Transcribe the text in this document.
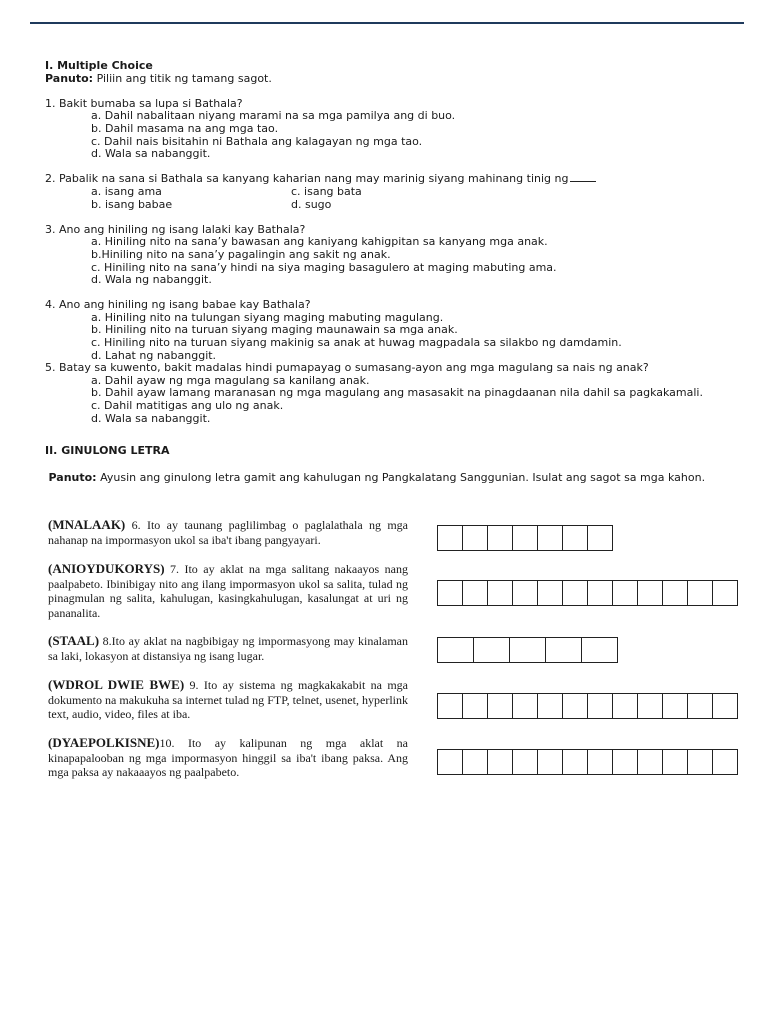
I. Multiple Choice

Panuto: Piliin ang titik ng tamang sagot.

1. Bakit bumaba sa lupa si Bathala?

a. Dahil nabalitaan niyang marami na sa mga pamilya ang di buo.

b. Dahil masama na ang mga tao.

c. Dahil nais bisitahin ni Bathala ang kalagayan ng mga tao.

d. Wala sa nabanggit.

2. Pabalik na sana si Bathala sa kanyang kaharian nang may marinig siyang mahinang tinig ng

a. isang ama	c. isang bata

b. isang babae	d. sugo

3. Ano ang hiniling ng isang lalaki kay Bathala?

a. Hiniling nito na sana’y bawasan ang kaniyang kahigpitan sa kanyang mga anak.

b.Hiniling nito na sana’y pagalingin ang sakit ng anak.

c. Hiniling nito na sana’y hindi na siya maging basagulero at maging mabuting ama.

d. Wala ng nabanggit.

4. Ano ang hiniling ng isang babae kay Bathala?

a. Hiniling nito na tulungan siyang maging mabuting magulang.

b. Hiniling nito na turuan siyang maging maunawain sa mga anak.

c. Hiniling nito na turuan siyang makinig sa anak at huwag magpadala sa silakbo ng damdamin.

d. Lahat ng nabanggit.

5. Batay sa kuwento, bakit madalas hindi pumapayag o sumasang-ayon ang mga magulang sa nais ng anak?

a. Dahil ayaw ng mga magulang sa kanilang anak.

b. Dahil ayaw lamang maranasan ng mga magulang ang masasakit na pinagdaanan nila dahil sa pagkakamali.

c. Dahil matitigas ang ulo ng anak.

d. Wala sa nabanggit.

II. GINULONG LETRA
Panuto: Ayusin ang ginulong letra gamit ang kahulugan ng Pangkalatang Sanggunian. Isulat ang sagot sa mga kahon.
(MNALAAK) 6. Ito ay taunang paglilimbag o paglalathala ng mga nahanap na impormasyon ukol sa iba't ibang pangyayari.
(ANIOYDUKORYS) 7. Ito ay aklat na mga salitang nakaayos nang paalpabeto. Ibinibigay nito ang ilang impormasyon ukol sa salita, tulad ng pinagmulan ng salita, kahulugan, kasingkahulugan, kasalungat at uri ng pananalita.
(STAAL) 8.Ito ay aklat na nagbibigay ng impormasyong may kinalaman sa laki, lokasyon at distansiya ng isang lugar.
(WDROL DWIE BWE) 9. Ito ay sistema ng magkakakabit na mga dokumento na makukuha sa internet tulad ng FTP, telnet, usenet, hyperlink text, audio, video, files at iba.
(DYAEPOLKISNE)10. Ito ay kalipunan ng mga aklat na kinapapalooban ng mga impormasyon hinggil sa iba't ibang paksa. Ang mga paksa ay nakaaayos ng paalpabeto.
